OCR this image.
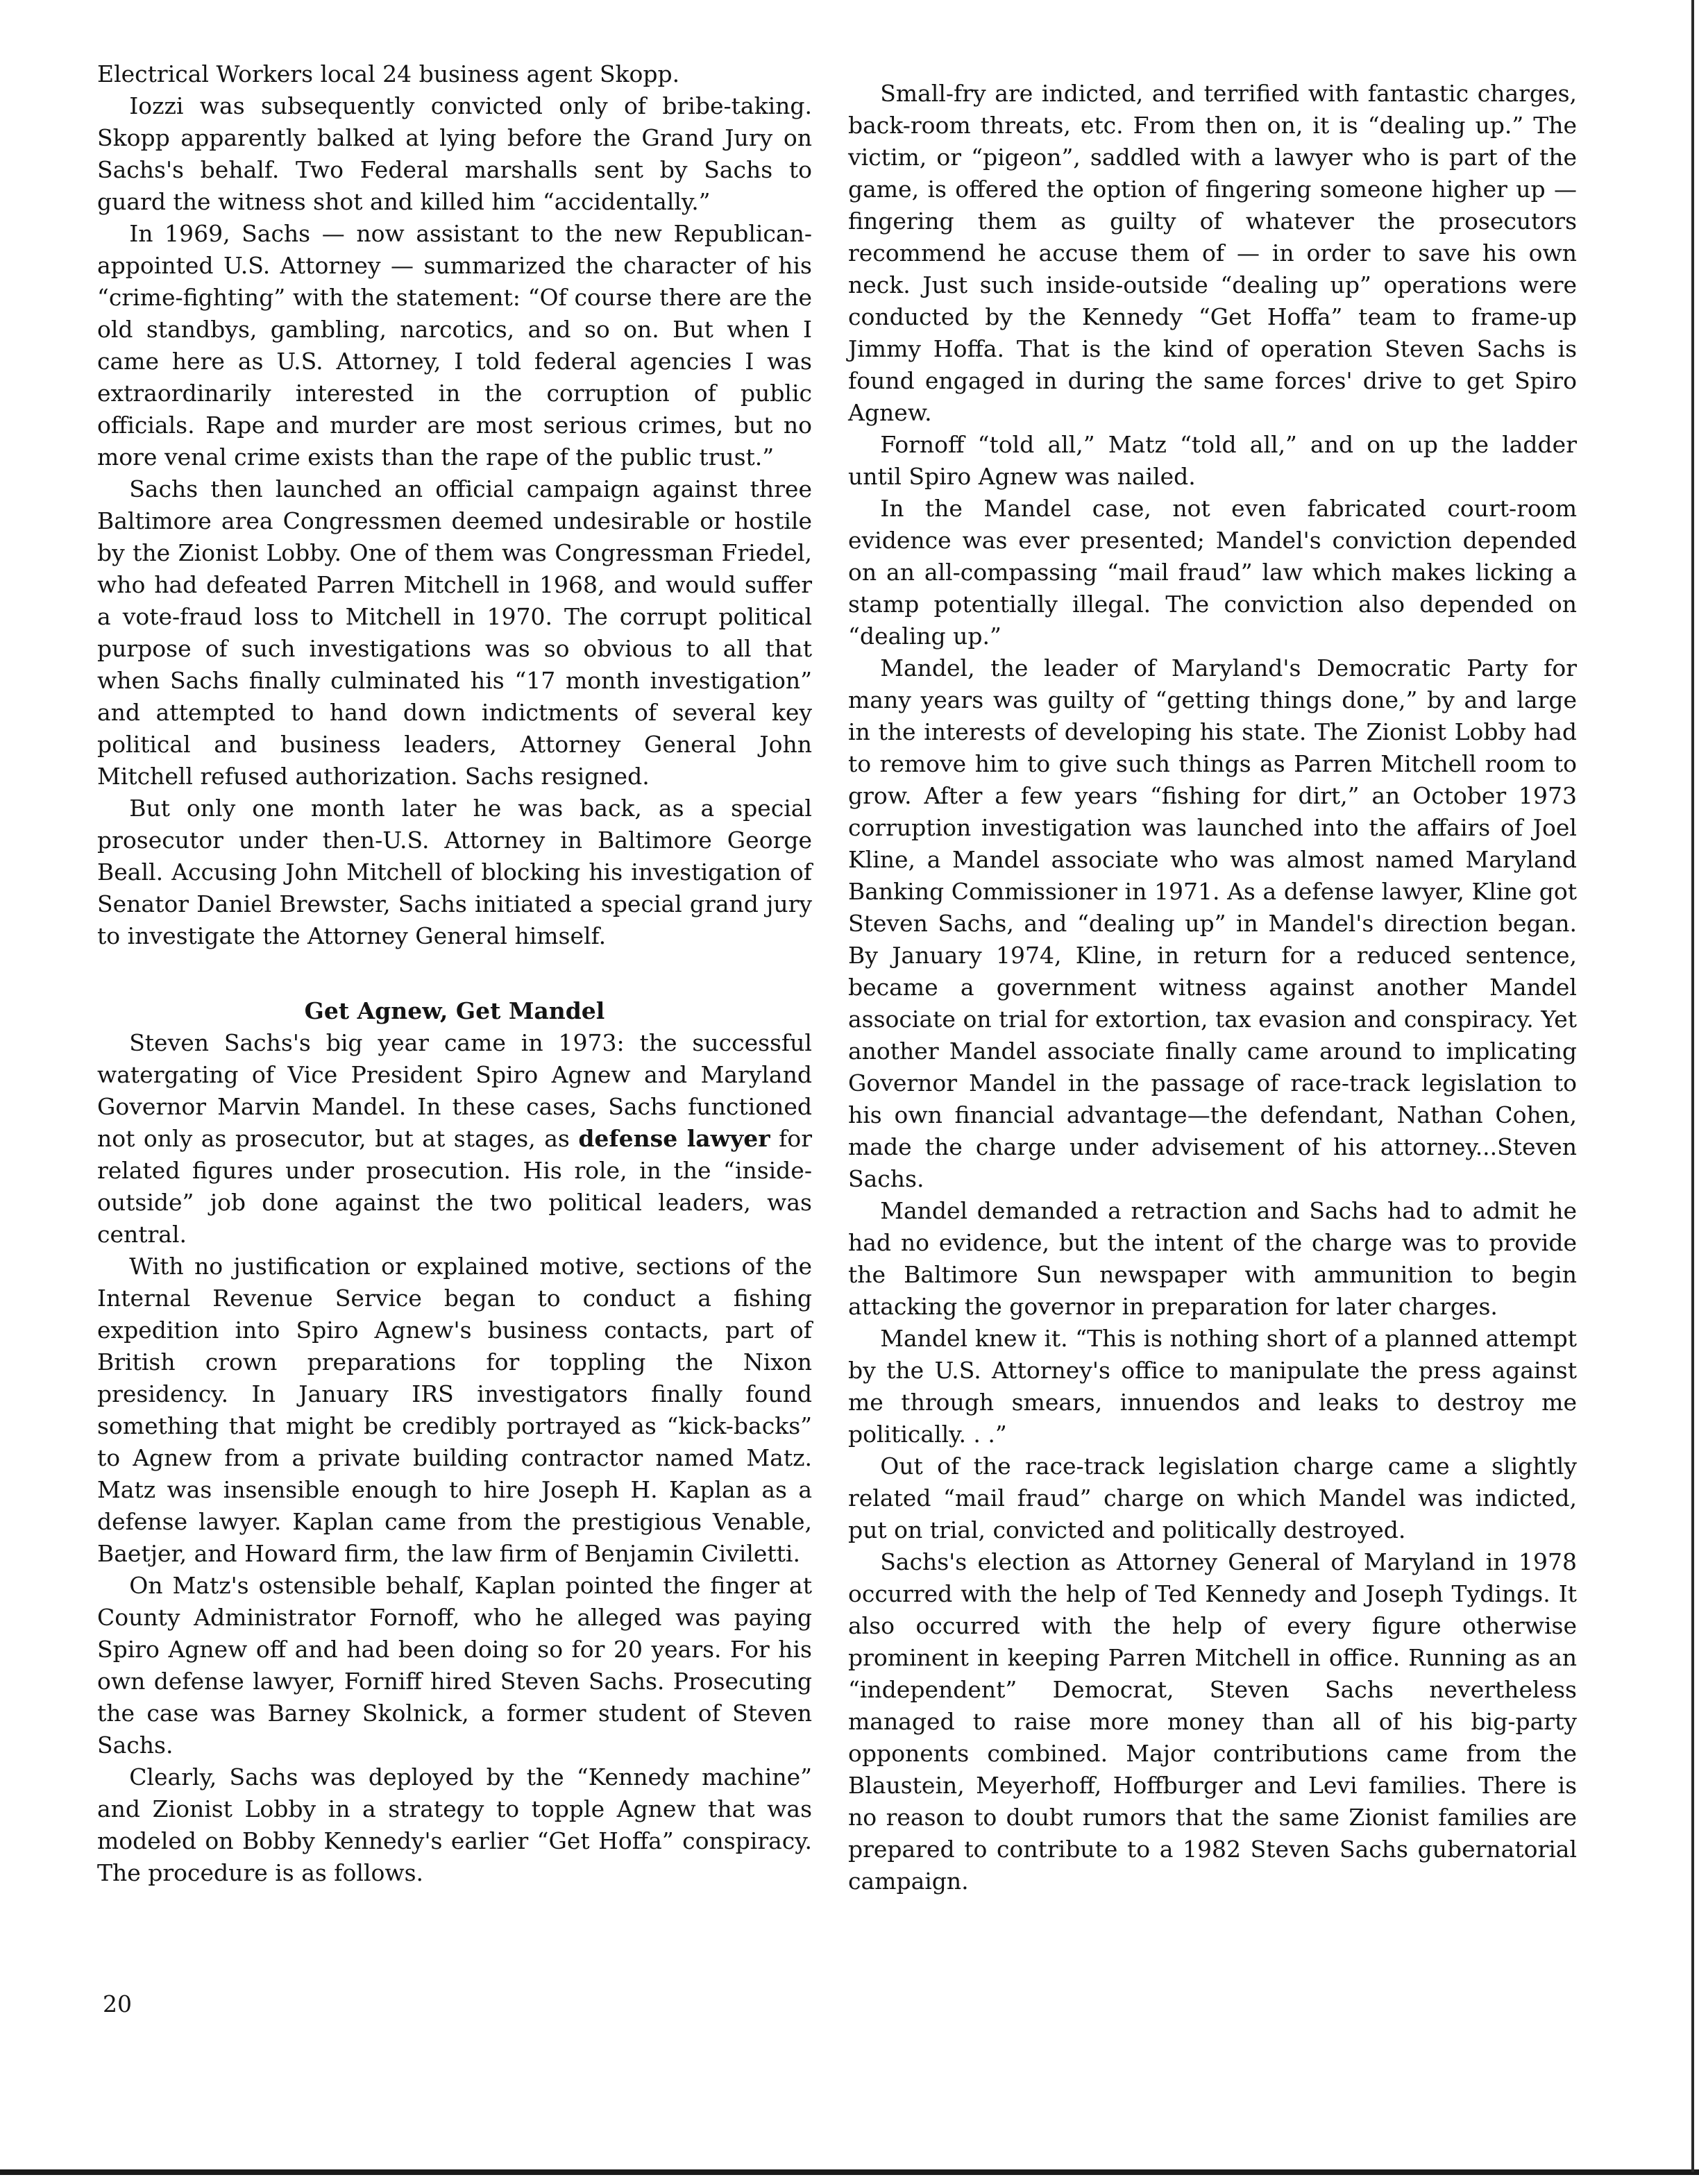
Electrical Workers local 24 business agent Skopp.

Iozzi was subsequently convicted only of bribe-taking. Skopp apparently balked at lying before the Grand Jury on Sachs's behalf. Two Federal marshalls sent by Sachs to guard the witness shot and killed him “accidentally.”

In 1969, Sachs — now assistant to the new Republican-appointed U.S. Attorney — summarized the character of his “crime-fighting” with the statement: “Of course there are the old standbys, gambling, narcotics, and so on. But when I came here as U.S. Attorney, I told federal agencies I was extraordinarily interested in the corruption of public officials. Rape and murder are most serious crimes, but no more venal crime exists than the rape of the public trust.”

Sachs then launched an official campaign against three Baltimore area Congressmen deemed undesirable or hostile by the Zionist Lobby. One of them was Congressman Friedel, who had defeated Parren Mitchell in 1968, and would suffer a vote-fraud loss to Mitchell in 1970. The corrupt political purpose of such investigations was so obvious to all that when Sachs finally culminated his “17 month investigation” and attempted to hand down indictments of several key political and business leaders, Attorney General John Mitchell refused authorization. Sachs resigned.

But only one month later he was back, as a special prosecutor under then-U.S. Attorney in Baltimore George Beall. Accusing John Mitchell of blocking his investigation of Senator Daniel Brewster, Sachs initiated a special grand jury to investigate the Attorney General himself.

Get Agnew, Get Mandel

Steven Sachs's big year came in 1973: the successful watergating of Vice President Spiro Agnew and Maryland Governor Marvin Mandel. In these cases, Sachs functioned not only as prosecutor, but at stages, as defense lawyer for related figures under prosecution. His role, in the “inside-outside” job done against the two political leaders, was central.

With no justification or explained motive, sections of the Internal Revenue Service began to conduct a fishing expedition into Spiro Agnew's business contacts, part of British crown preparations for toppling the Nixon presidency. In January IRS investigators finally found something that might be credibly portrayed as “kick-backs” to Agnew from a private building contractor named Matz. Matz was insensible enough to hire Joseph H. Kaplan as a defense lawyer. Kaplan came from the prestigious Venable, Baetjer, and Howard firm, the law firm of Benjamin Civiletti.

On Matz's ostensible behalf, Kaplan pointed the finger at County Administrator Fornoff, who he alleged was paying Spiro Agnew off and had been doing so for 20 years. For his own defense lawyer, Forniff hired Steven Sachs. Prosecuting the case was Barney Skolnick, a former student of Steven Sachs.

Clearly, Sachs was deployed by the “Kennedy machine” and Zionist Lobby in a strategy to topple Agnew that was modeled on Bobby Kennedy's earlier “Get Hoffa” conspiracy. The procedure is as follows.

Small-fry are indicted, and terrified with fantastic charges, back-room threats, etc. From then on, it is “dealing up.” The victim, or “pigeon”, saddled with a lawyer who is part of the game, is offered the option of fingering someone higher up — fingering them as guilty of whatever the prosecutors recommend he accuse them of — in order to save his own neck. Just such inside-outside “dealing up” operations were conducted by the Kennedy “Get Hoffa” team to frame-up Jimmy Hoffa. That is the kind of operation Steven Sachs is found engaged in during the same forces' drive to get Spiro Agnew.

Fornoff “told all,” Matz “told all,” and on up the ladder until Spiro Agnew was nailed.

In the Mandel case, not even fabricated court-room evidence was ever presented; Mandel's conviction depended on an all-compassing “mail fraud” law which makes licking a stamp potentially illegal. The conviction also depended on “dealing up.”

Mandel, the leader of Maryland's Democratic Party for many years was guilty of “getting things done,” by and large in the interests of developing his state. The Zionist Lobby had to remove him to give such things as Parren Mitchell room to grow. After a few years “fishing for dirt,” an October 1973 corruption investigation was launched into the affairs of Joel Kline, a Mandel associate who was almost named Maryland Banking Commissioner in 1971. As a defense lawyer, Kline got Steven Sachs, and “dealing up” in Mandel's direction began. By January 1974, Kline, in return for a reduced sentence, became a government witness against another Mandel associate on trial for extortion, tax evasion and conspiracy. Yet another Mandel associate finally came around to implicating Governor Mandel in the passage of race-track legislation to his own financial advantage—the defendant, Nathan Cohen, made the charge under advisement of his attorney...Steven Sachs.

Mandel demanded a retraction and Sachs had to admit he had no evidence, but the intent of the charge was to provide the Baltimore Sun newspaper with ammunition to begin attacking the governor in preparation for later charges.

Mandel knew it. “This is nothing short of a planned attempt by the U.S. Attorney's office to manipulate the press against me through smears, innuendos and leaks to destroy me politically. . .”

Out of the race-track legislation charge came a slightly related “mail fraud” charge on which Mandel was indicted, put on trial, convicted and politically destroyed.

Sachs's election as Attorney General of Maryland in 1978 occurred with the help of Ted Kennedy and Joseph Tydings. It also occurred with the help of every figure otherwise prominent in keeping Parren Mitchell in office. Running as an “independent” Democrat, Steven Sachs nevertheless managed to raise more money than all of his big-party opponents combined. Major contributions came from the Blaustein, Meyerhoff, Hoffburger and Levi families. There is no reason to doubt rumors that the same Zionist families are prepared to contribute to a 1982 Steven Sachs gubernatorial campaign.

20
